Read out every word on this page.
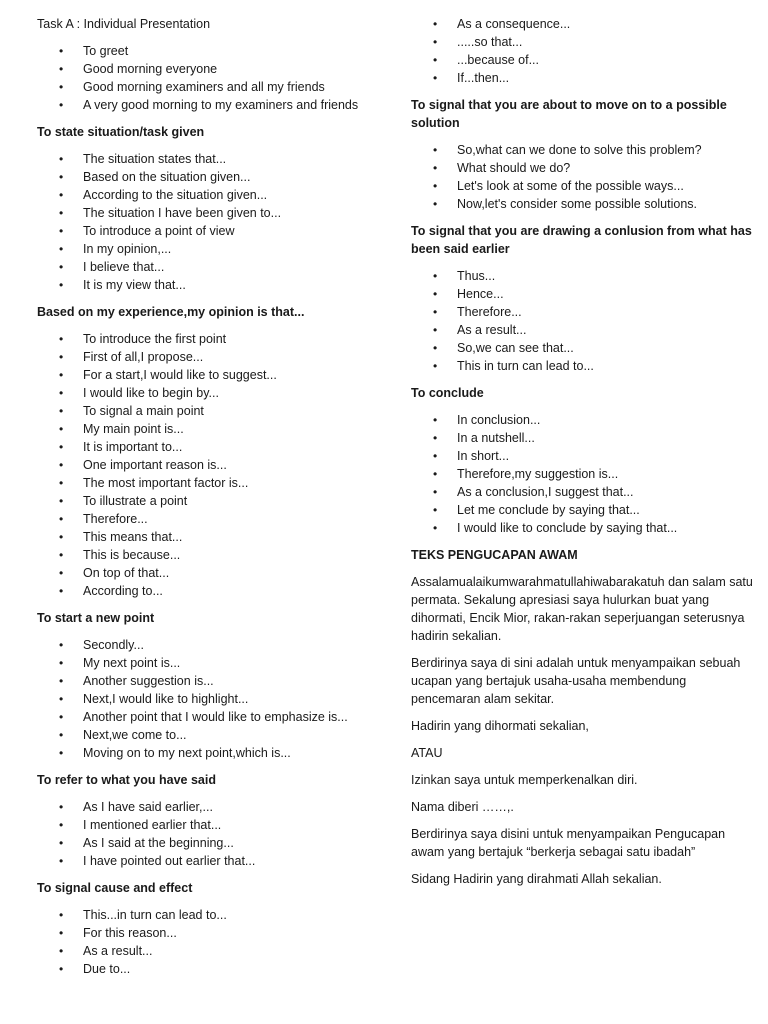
Task A : Individual Presentation
• To greet
• Good morning everyone
• Good morning examiners and all my friends
• A very good morning to my examiners and friends
To state situation/task given
• The situation states that...
• Based on the situation given...
• According to the situation given...
• The situation I have been given to...
• To introduce a point of view
• In my opinion,...
• I believe that...
• It is my view that...
Based on my experience,my opinion is that...
• To introduce the first point
• First of all,I propose...
• For a start,I would like to suggest...
• I would like to begin by...
• To signal a main point
• My main point is...
• It is important to...
• One important reason is...
• The most important factor is...
• To illustrate a point
• Therefore...
• This means that...
• This is because...
• On top of that...
• According to...
To start a new point
• Secondly...
• My next point is...
• Another suggestion is...
• Next,I would like to highlight...
• Another point that I would like to emphasize is...
• Next,we come to...
• Moving on to my next point,which is...
To refer to what you have said
• As I have said earlier,...
• I mentioned earlier that...
• As I said at the beginning...
• I have pointed out earlier that...
To signal cause and effect
• This...in turn can lead to...
• For this reason...
• As a result...
• Due to...
• As a consequence...
• .....so that...
• ...because of...
• If...then...
To signal that you are about to move on to a possible solution
• So,what can we done to solve this problem?
• What should we do?
• Let's look at some of the possible ways...
• Now,let's consider some possible solutions.
To signal that you are drawing a conlusion from what has been said earlier
• Thus...
• Hence...
• Therefore...
• As a result...
• So,we can see that...
• This in turn can lead to...
To conclude
• In conclusion...
• In a nutshell...
• In short...
• Therefore,my suggestion is...
• As a conclusion,I suggest that...
• Let me conclude by saying that...
• I would like to conclude by saying that...
TEKS PENGUCAPAN AWAM
Assalamualaikumwarahmatullahiwabarakatuh dan salam satu permata. Sekalung apresiasi saya hulurkan buat yang dihormati, Encik Mior, rakan-rakan seperjuangan seterusnya hadirin sekalian.
Berdirinya saya di sini adalah untuk menyampaikan sebuah ucapan yang bertajuk usaha-usaha membendung pencemaran alam sekitar.
Hadirin yang dihormati sekalian,
ATAU
Izinkan saya untuk memperkenalkan diri.
Nama diberi ……,.
Berdirinya saya disini untuk menyampaikan Pengucapan awam yang bertajuk “berkerja sebagai satu ibadah”
Sidang Hadirin yang dirahmati Allah sekalian.
